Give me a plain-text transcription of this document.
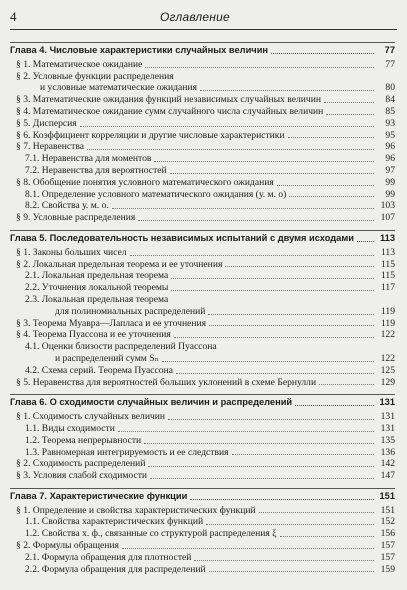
4	Оглавление
Глава 4. Числовые характеристики случайных величин	77
§ 1. Математическое ожидание	77
§ 2. Условные функции распределения
и условные математические ожидания	80
§ 3. Математические ожидания функций независимых случайных величин	84
§ 4. Математическое ожидание сумм случайного числа случайных величин	85
§ 5. Дисперсия	93
§ 6. Коэффициент корреляции и другие числовые характеристики	95
§ 7. Неравенства	96
7.1. Неравенства для моментов	96
7.2. Неравенства для вероятностей	97
§ 8. Обобщение понятия условного математического ожидания	99
8.1. Определение условного математического ожидания (у. м. о)	99
8.2. Свойства у. м. о.	103
§ 9. Условные распределения	107
Глава 5. Последовательность независимых испытаний с двумя исходами	113
§ 1. Законы больших чисел	113
§ 2. Локальная предельная теорема и ее уточнения	115
2.1. Локальная предельная теорема	115
2.2. Уточнения локальной теоремы	117
2.3. Локальная предельная теорема
для полиномиальных распределений	119
§ 3. Теорема Муавра—Лапласа и ее уточнения	119
§ 4. Теорема Пуассона и ее уточнения	122
4.1. Оценки близости распределений Пуассона
и распределений сумм Sₙ	122
4.2. Схема серий. Теорема Пуассона	125
§ 5. Неравенства для вероятностей больших уклонений в схеме Бернулли	129
Глава 6. О сходимости случайных величин и распределений	131
§ 1. Сходимость случайных величин	131
1.1. Виды сходимости	131
1.2. Теорема непрерывности	135
1.3. Равномерная интегрируемость и ее следствия	136
§ 2. Сходимость распределений	142
§ 3. Условия слабой сходимости	147
Глава 7. Характеристические функции	151
§ 1. Определение и свойства характеристических функций	151
1.1. Свойства характеристических функций	152
1.2. Свойства х. ф., связанные со структурой распределения ξ	156
§ 2. Формулы обращения	157
2.1. Формула обращения для плотностей	157
2.2. Формула обращения для распределений	159
